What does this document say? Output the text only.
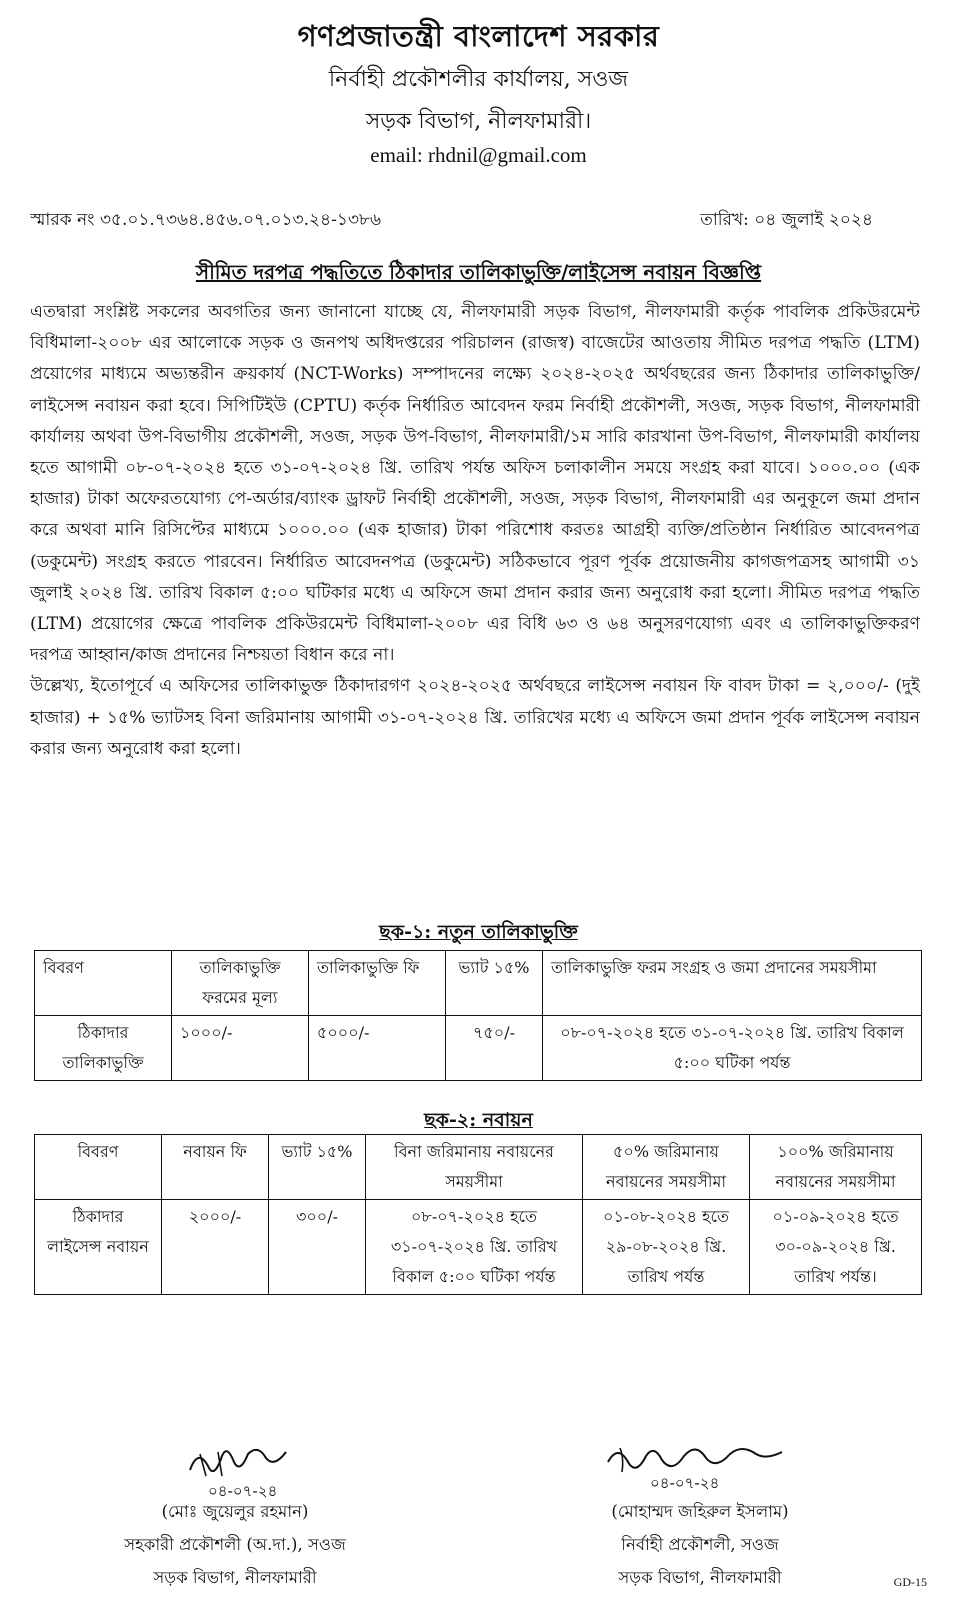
গণপ্রজাতন্ত্রী বাংলাদেশ সরকার
নির্বাহী প্রকৌশলীর কার্যালয়, সওজ
সড়ক বিভাগ, নীলফামারী।
email: rhdnil@gmail.com
স্মারক নং ৩৫.০১.৭৩৬৪.৪৫৬.০৭.০১৩.২৪-১৩৮৬	তারিখ: ০৪ জুলাই ২০২৪
সীমিত দরপত্র পদ্ধতিতে ঠিকাদার তালিকাভুক্তি/লাইসেন্স নবায়ন বিজ্ঞপ্তি

এতদ্বারা সংশ্লিষ্ট সকলের অবগতির জন্য জানানো যাচ্ছে যে, নীলফামারী সড়ক বিভাগ, নীলফামারী কর্তৃক পাবলিক প্রকিউরমেন্ট বিধিমালা-২০০৮ এর আলোকে সড়ক ও জনপথ অধিদপ্তরের পরিচালন (রাজস্ব) বাজেটের আওতায় সীমিত দরপত্র পদ্ধতি (LTM) প্রয়োগের মাধ্যমে অভ্যন্তরীন ক্রয়কার্য (NCT-Works) সম্পাদনের লক্ষ্যে ২০২৪-২০২৫ অর্থবছরের জন্য ঠিকাদার তালিকাভুক্তি/লাইসেন্স নবায়ন করা হবে। সিপিটিইউ (CPTU) কর্তৃক নির্ধারিত আবেদন ফরম নির্বাহী প্রকৌশলী, সওজ, সড়ক বিভাগ, নীলফামারী কার্যালয় অথবা উপ-বিভাগীয় প্রকৌশলী, সওজ, সড়ক উপ-বিভাগ, নীলফামারী/১ম সারি কারখানা উপ-বিভাগ, নীলফামারী কার্যালয় হতে আগামী ০৮-০৭-২০২৪ হতে ৩১-০৭-২০২৪ খ্রি. তারিখ পর্যন্ত অফিস চলাকালীন সময়ে সংগ্রহ করা যাবে। ১০০০.০০ (এক হাজার) টাকা অফেরতযোগ্য পে-অর্ডার/ব্যাংক ড্রাফট নির্বাহী প্রকৌশলী, সওজ, সড়ক বিভাগ, নীলফামারী এর অনুকূলে জমা প্রদান করে অথবা মানি রিসিপ্টের মাধ্যমে ১০০০.০০ (এক হাজার) টাকা পরিশোধ করতঃ আগ্রহী ব্যক্তি/প্রতিষ্ঠান নির্ধারিত আবেদনপত্র (ডকুমেন্ট) সংগ্রহ করতে পারবেন। নির্ধারিত আবেদনপত্র (ডকুমেন্ট) সঠিকভাবে পূরণ পূর্বক প্রয়োজনীয় কাগজপত্রসহ আগামী ৩১ জুলাই ২০২৪ খ্রি. তারিখ বিকাল ৫:০০ ঘটিকার মধ্যে এ অফিসে জমা প্রদান করার জন্য অনুরোধ করা হলো। সীমিত দরপত্র পদ্ধতি (LTM) প্রয়োগের ক্ষেত্রে পাবলিক প্রকিউরমেন্ট বিধিমালা-২০০৮ এর বিধি ৬৩ ও ৬৪ অনুসরণযোগ্য এবং এ তালিকাভুক্তিকরণ দরপত্র আহ্বান/কাজ প্রদানের নিশ্চয়তা বিধান করে না।

উল্লেখ্য, ইতোপূর্বে এ অফিসের তালিকাভুক্ত ঠিকাদারগণ ২০২৪-২০২৫ অর্থবছরে লাইসেন্স নবায়ন ফি বাবদ টাকা = ২,০০০/- (দুই হাজার) + ১৫% ভ্যাটসহ বিনা জরিমানায় আগামী ৩১-০৭-২০২৪ খ্রি. তারিখের মধ্যে এ অফিসে জমা প্রদান পূর্বক লাইসেন্স নবায়ন করার জন্য অনুরোধ করা হলো।

ছক-১: নতুন তালিকাভুক্তি
বিবরণ	তালিকাভুক্তি ফরমের মূল্য	তালিকাভুক্তি ফি	ভ্যাট ১৫%	তালিকাভুক্তি ফরম সংগ্রহ ও জমা প্রদানের সময়সীমা
ঠিকাদার তালিকাভুক্তি	১০০০/-	৫০০০/-	৭৫০/-	০৮-০৭-২০২৪ হতে ৩১-০৭-২০২৪ খ্রি. তারিখ বিকাল ৫:০০ ঘটিকা পর্যন্ত
ছক-২: নবায়ন
বিবরণ	নবায়ন ফি	ভ্যাট ১৫%	বিনা জরিমানায় নবায়নের সময়সীমা	৫০% জরিমানায় নবায়নের সময়সীমা	১০০% জরিমানায় নবায়নের সময়সীমা
ঠিকাদার লাইসেন্স নবায়ন	২০০০/-	৩০০/-	০৮-০৭-২০২৪ হতে ৩১-০৭-২০২৪ খ্রি. তারিখ বিকাল ৫:০০ ঘটিকা পর্যন্ত	০১-০৮-২০২৪ হতে ২৯-০৮-২০২৪ খ্রি. তারিখ পর্যন্ত	০১-০৯-২০২৪ হতে ৩০-০৯-২০২৪ খ্রি. তারিখ পর্যন্ত।
০৪-০৭-২৪	০৪-০৭-২৪
(মোঃ জুয়েলুর রহমান)
সহকারী প্রকৌশলী (অ.দা.), সওজ
সড়ক বিভাগ, নীলফামারী
(মোহাম্মদ জহিরুল ইসলাম)
নির্বাহী প্রকৌশলী, সওজ
সড়ক বিভাগ, নীলফামারী	GD-15
